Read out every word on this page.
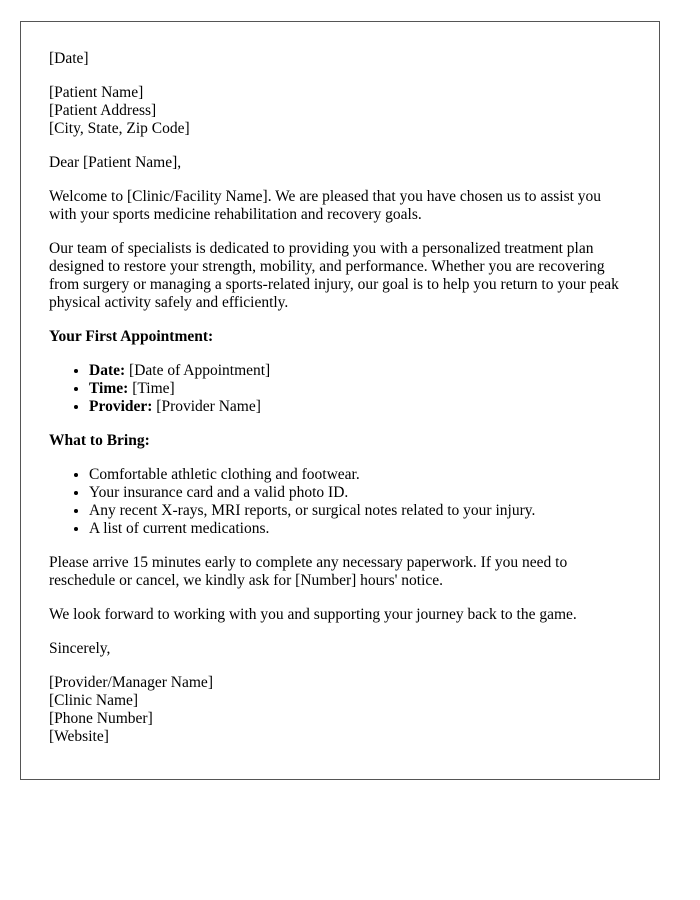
[Date]

[Patient Name]
[Patient Address]
[City, State, Zip Code]

Dear [Patient Name],

Welcome to [Clinic/Facility Name]. We are pleased that you have chosen us to assist you with your sports medicine rehabilitation and recovery goals.

Our team of specialists is dedicated to providing you with a personalized treatment plan designed to restore your strength, mobility, and performance. Whether you are recovering from surgery or managing a sports-related injury, our goal is to help you return to your peak physical activity safely and efficiently.

Your First Appointment:

• Date: [Date of Appointment]
• Time: [Time]
• Provider: [Provider Name]

What to Bring:

• Comfortable athletic clothing and footwear.
• Your insurance card and a valid photo ID.
• Any recent X-rays, MRI reports, or surgical notes related to your injury.
• A list of current medications.

Please arrive 15 minutes early to complete any necessary paperwork. If you need to reschedule or cancel, we kindly ask for [Number] hours' notice.

We look forward to working with you and supporting your journey back to the game.

Sincerely,

[Provider/Manager Name]
[Clinic Name]
[Phone Number]
[Website]
